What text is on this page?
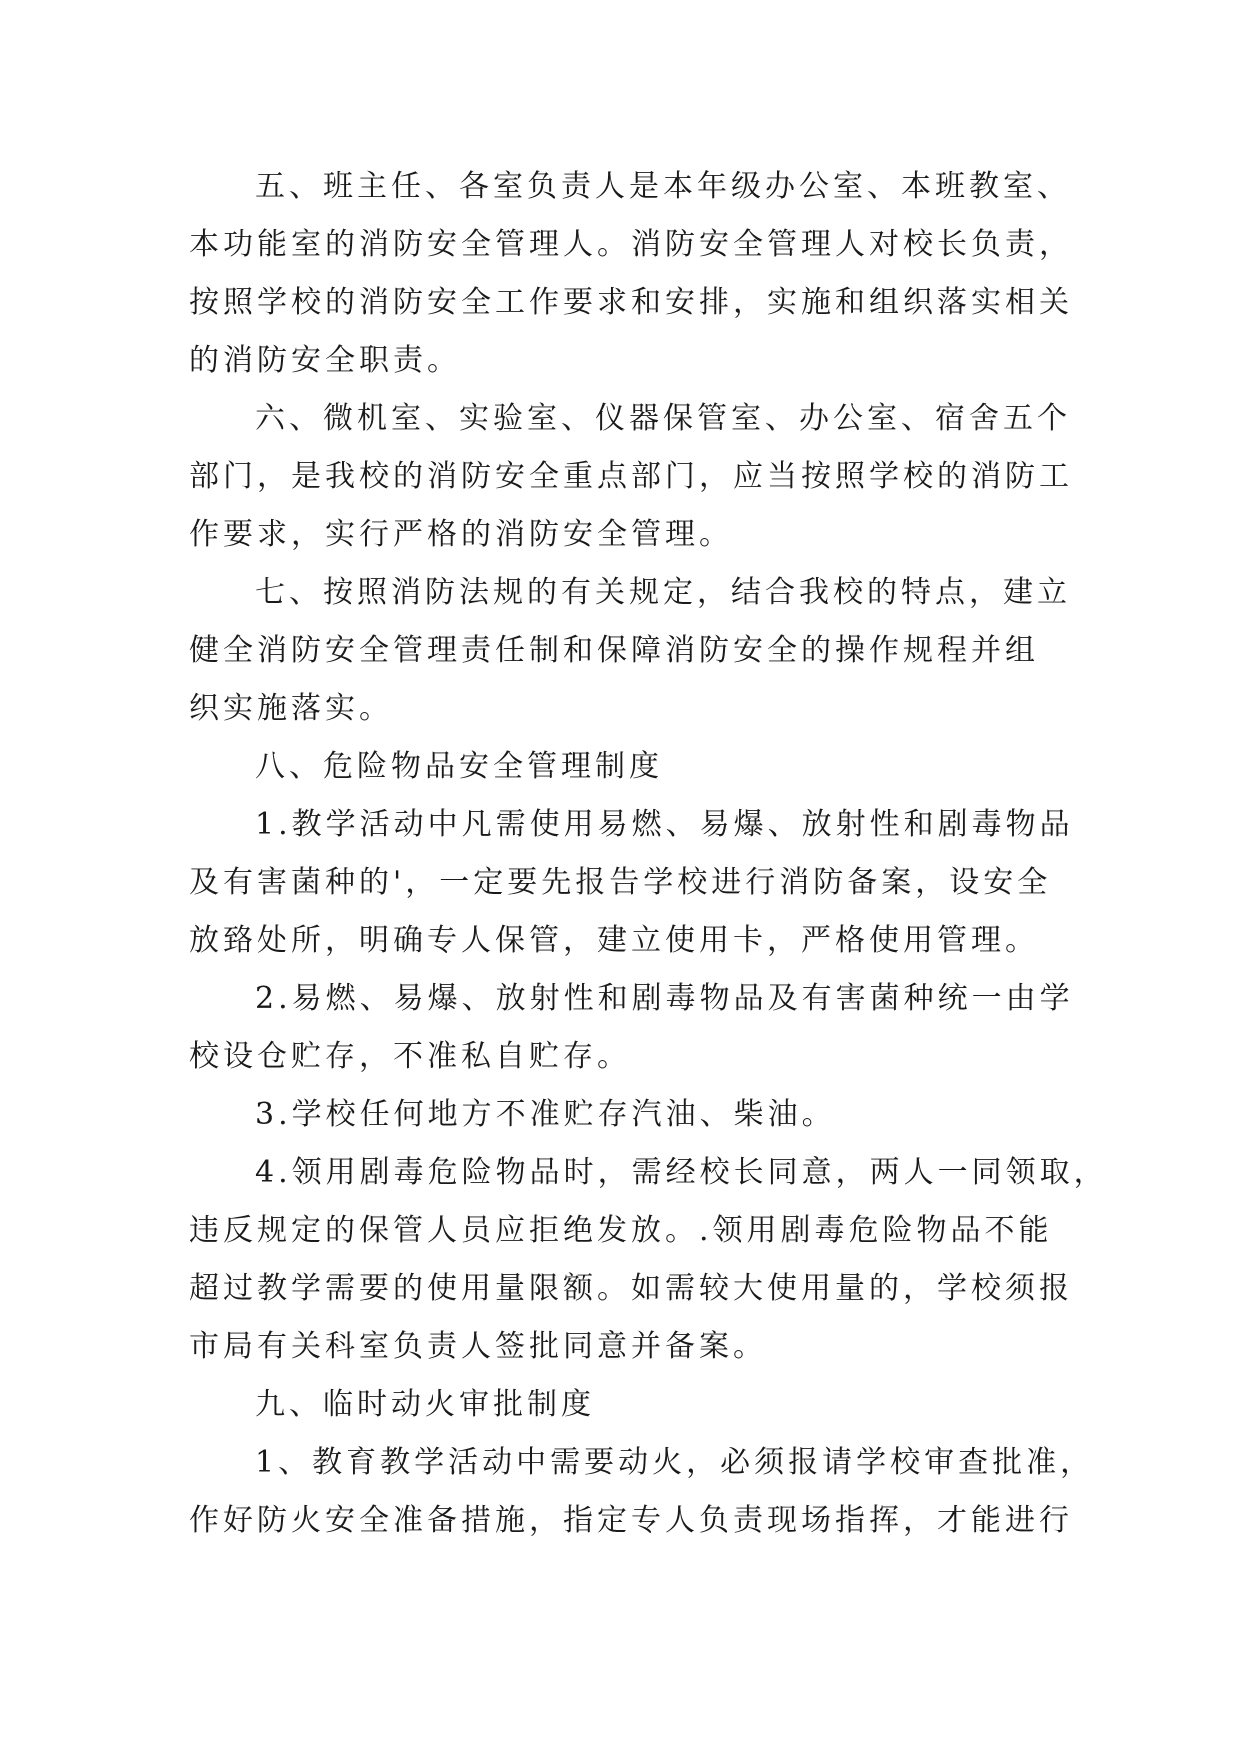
五、班主任、各室负责人是本年级办公室、本班教室、
本功能室的消防安全管理人。消防安全管理人对校长负责，
按照学校的消防安全工作要求和安排，实施和组织落实相关
的消防安全职责。
六、微机室、实验室、仪器保管室、办公室、宿舍五个
部门，是我校的消防安全重点部门，应当按照学校的消防工
作要求，实行严格的消防安全管理。
七、按照消防法规的有关规定，结合我校的特点，建立
健全消防安全管理责任制和保障消防安全的操作规程并组
织实施落实。
八、危险物品安全管理制度
1.教学活动中凡需使用易燃、易爆、放射性和剧毒物品
及有害菌种的'，一定要先报告学校进行消防备案，设安全
放臵处所，明确专人保管，建立使用卡，严格使用管理。
2.易燃、易爆、放射性和剧毒物品及有害菌种统一由学
校设仓贮存，不准私自贮存。
3.学校任何地方不准贮存汽油、柴油。
4.领用剧毒危险物品时，需经校长同意，两人一同领取，
违反规定的保管人员应拒绝发放。.领用剧毒危险物品不能
超过教学需要的使用量限额。如需较大使用量的，学校须报
市局有关科室负责人签批同意并备案。
九、临时动火审批制度
1、教育教学活动中需要动火，必须报请学校审查批准，
作好防火安全准备措施，指定专人负责现场指挥，才能进行
